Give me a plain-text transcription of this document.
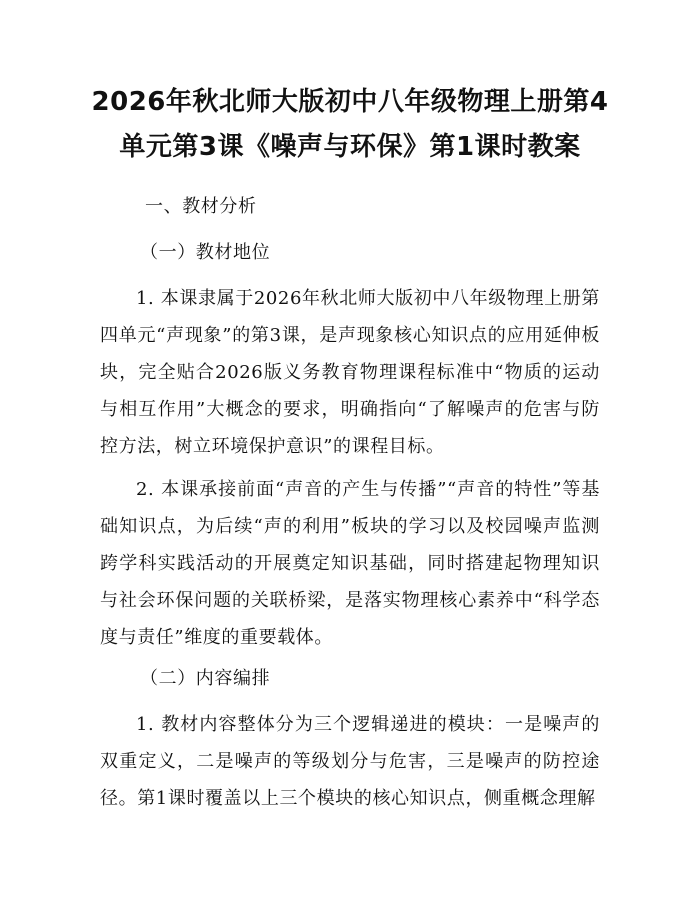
2026年秋北师大版初中八年级物理上册第4
单元第3课《噪声与环保》第1课时教案
一、教材分析
（一）教材地位

1. 本课隶属于2026年秋北师大版初中八年级物理上册第四单元“声现象”的第3课，是声现象核心知识点的应用延伸板块，完全贴合2026版义务教育物理课程标准中“物质的运动与相互作用”大概念的要求，明确指向“了解噪声的危害与防控方法，树立环境保护意识”的课程目标。

2. 本课承接前面“声音的产生与传播”“声音的特性”等基础知识点，为后续“声的利用”板块的学习以及校园噪声监测跨学科实践活动的开展奠定知识基础，同时搭建起物理知识与社会环保问题的关联桥梁，是落实物理核心素养中“科学态度与责任”维度的重要载体。

（二）内容编排

1. 教材内容整体分为三个逻辑递进的模块：一是噪声的双重定义，二是噪声的等级划分与危害，三是噪声的防控途径。第1课时覆盖以上三个模块的核心知识点，侧重概念理解
